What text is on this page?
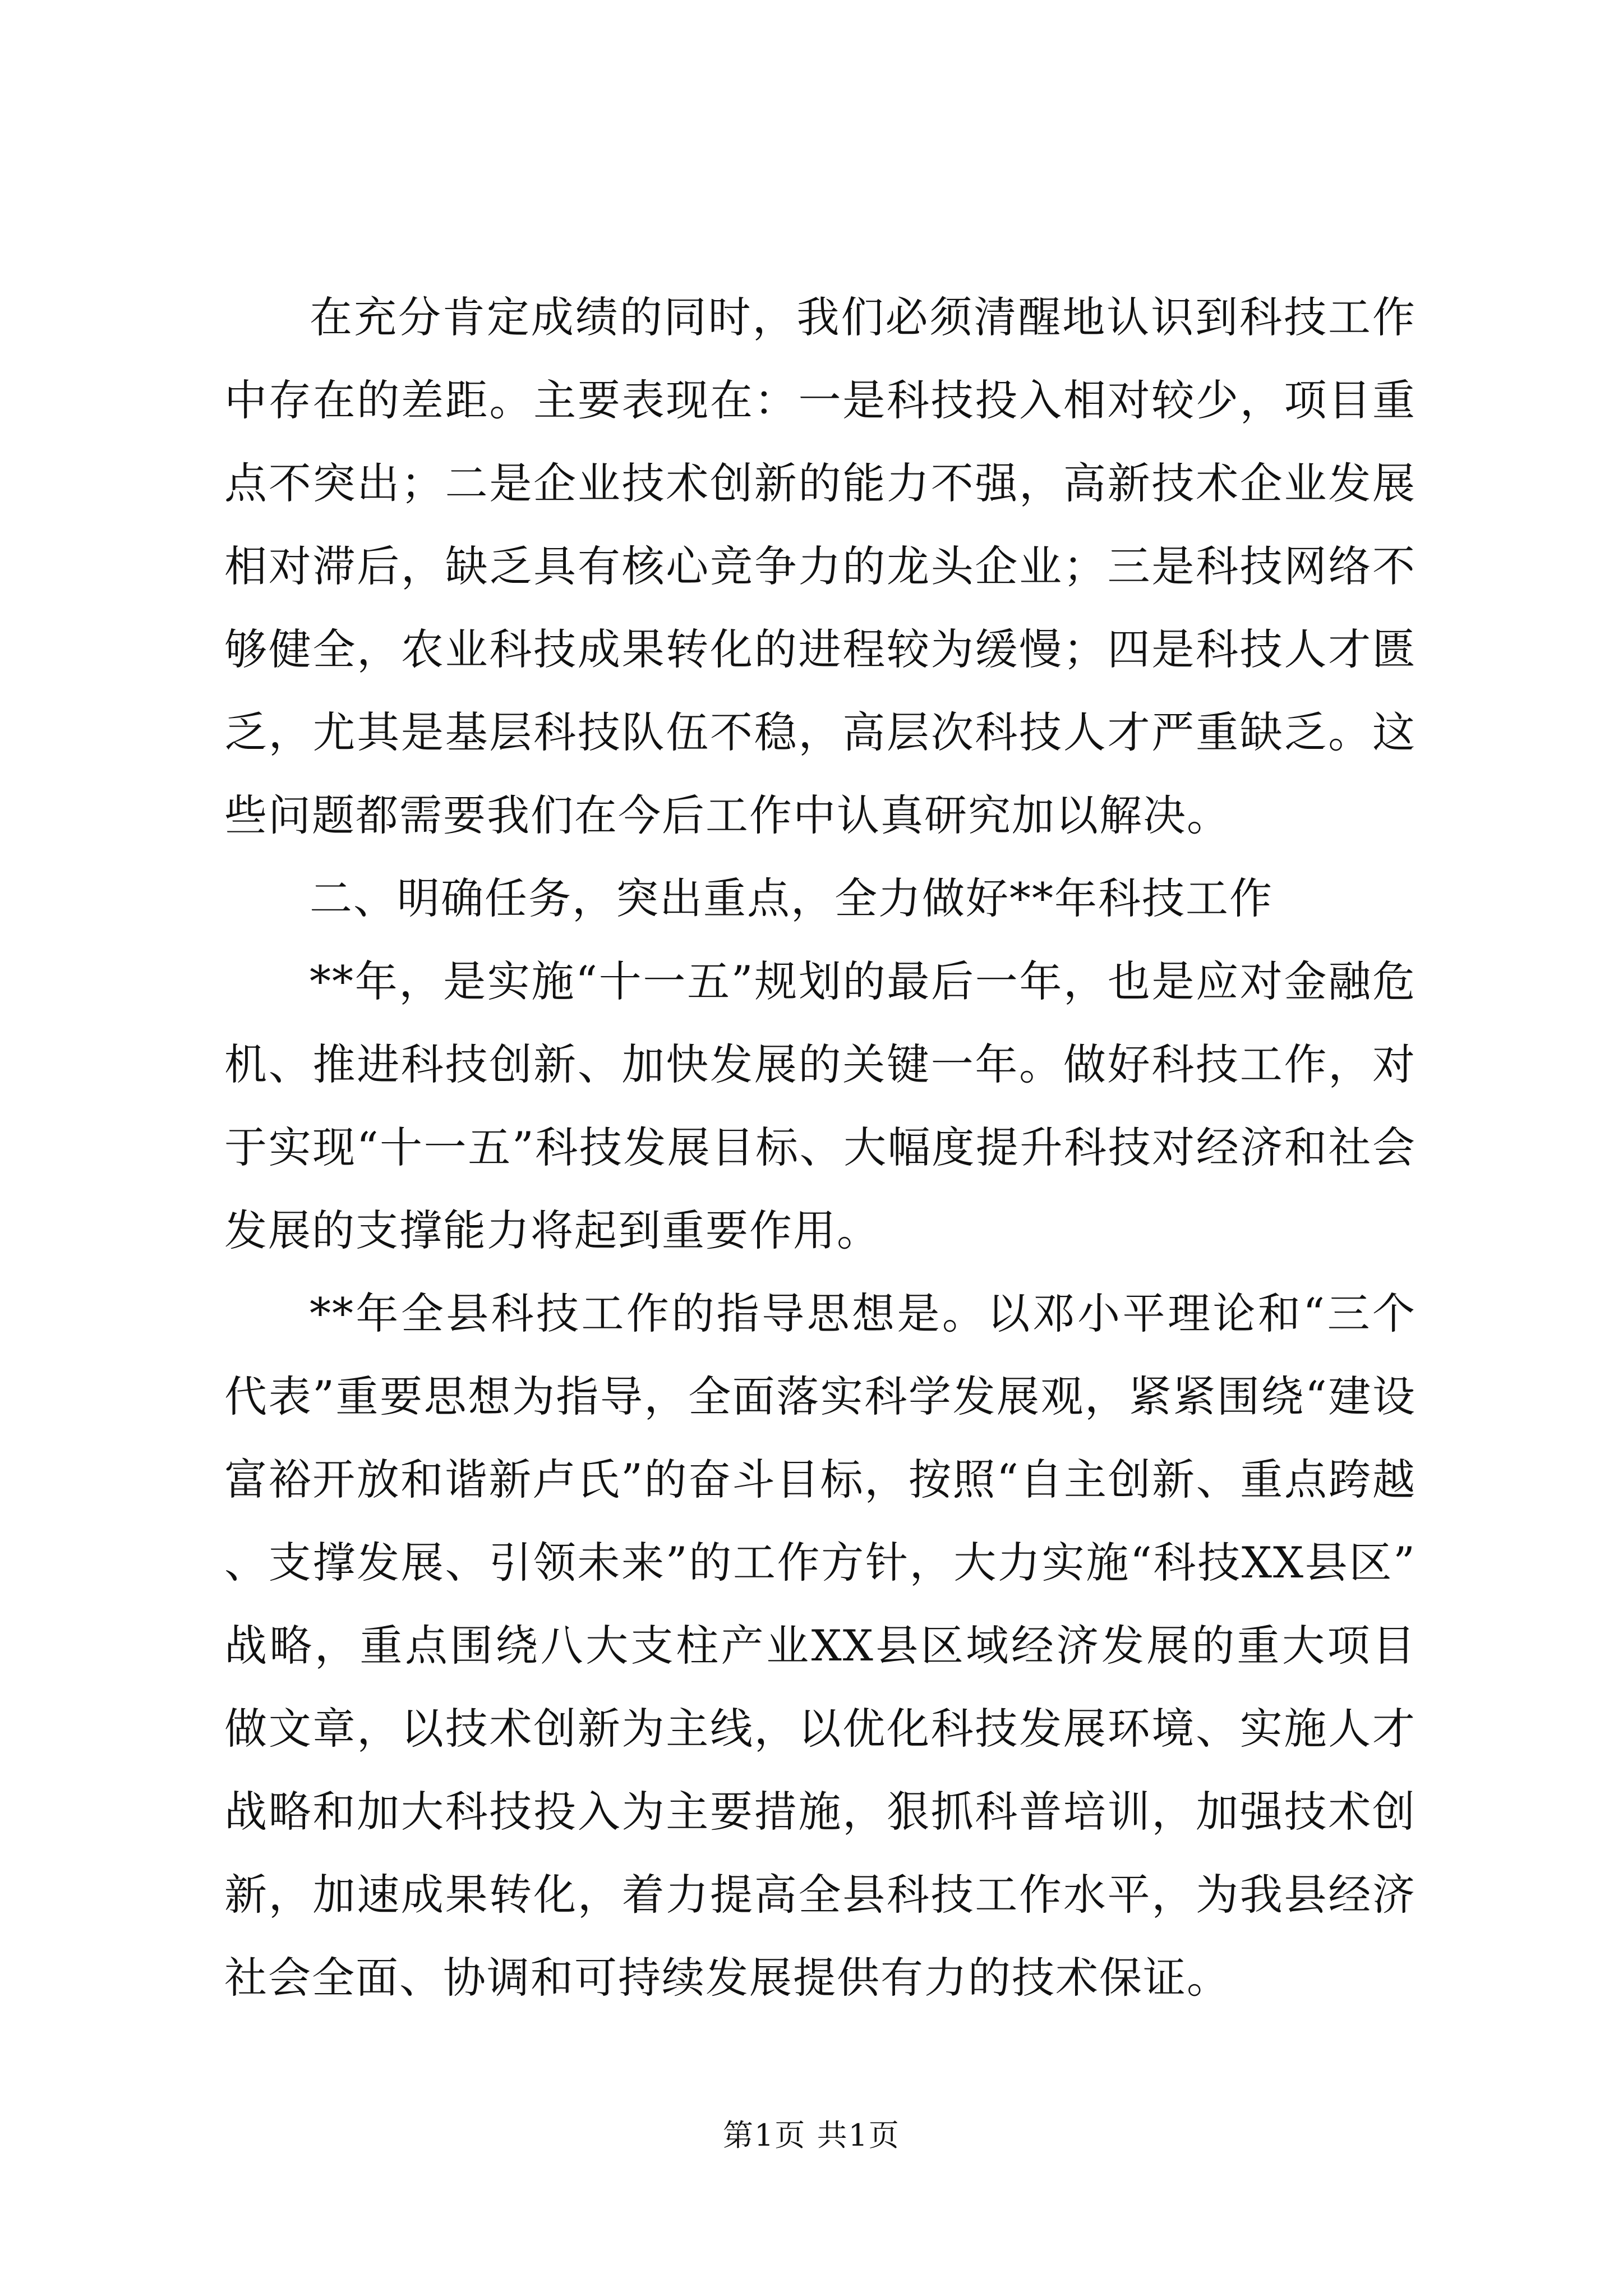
在充分肯定成绩的同时，我们必须清醒地认识到科技工作中存在的差距。主要表现在：一是科技投入相对较少，项目重点不突出；二是企业技术创新的能力不强，高新技术企业发展相对滞后，缺乏具有核心竞争力的龙头企业；三是科技网络不够健全，农业科技成果转化的进程较为缓慢；四是科技人才匮乏，尤其是基层科技队伍不稳，高层次科技人才严重缺乏。这些问题都需要我们在今后工作中认真研究加以解决。

二、明确任务，突出重点，全力做好**年科技工作

**年，是实施“十一五”规划的最后一年，也是应对金融危机、推进科技创新、加快发展的关键一年。做好科技工作，对于实现“十一五”科技发展目标、大幅度提升科技对经济和社会发展的支撑能力将起到重要作用。

**年全县科技工作的指导思想是。以邓小平理论和“三个代表”重要思想为指导，全面落实科学发展观，紧紧围绕“建设富裕开放和谐新卢氏”的奋斗目标，按照“自主创新、重点跨越、支撑发展、引领未来”的工作方针，大力实施“科技XX县区”战略，重点围绕八大支柱产业XX县区域经济发展的重大项目做文章，以技术创新为主线，以优化科技发展环境、实施人才战略和加大科技投入为主要措施，狠抓科普培训，加强技术创新，加速成果转化，着力提高全县科技工作水平，为我县经济社会全面、协调和可持续发展提供有力的技术保证。

第1页 共1页
